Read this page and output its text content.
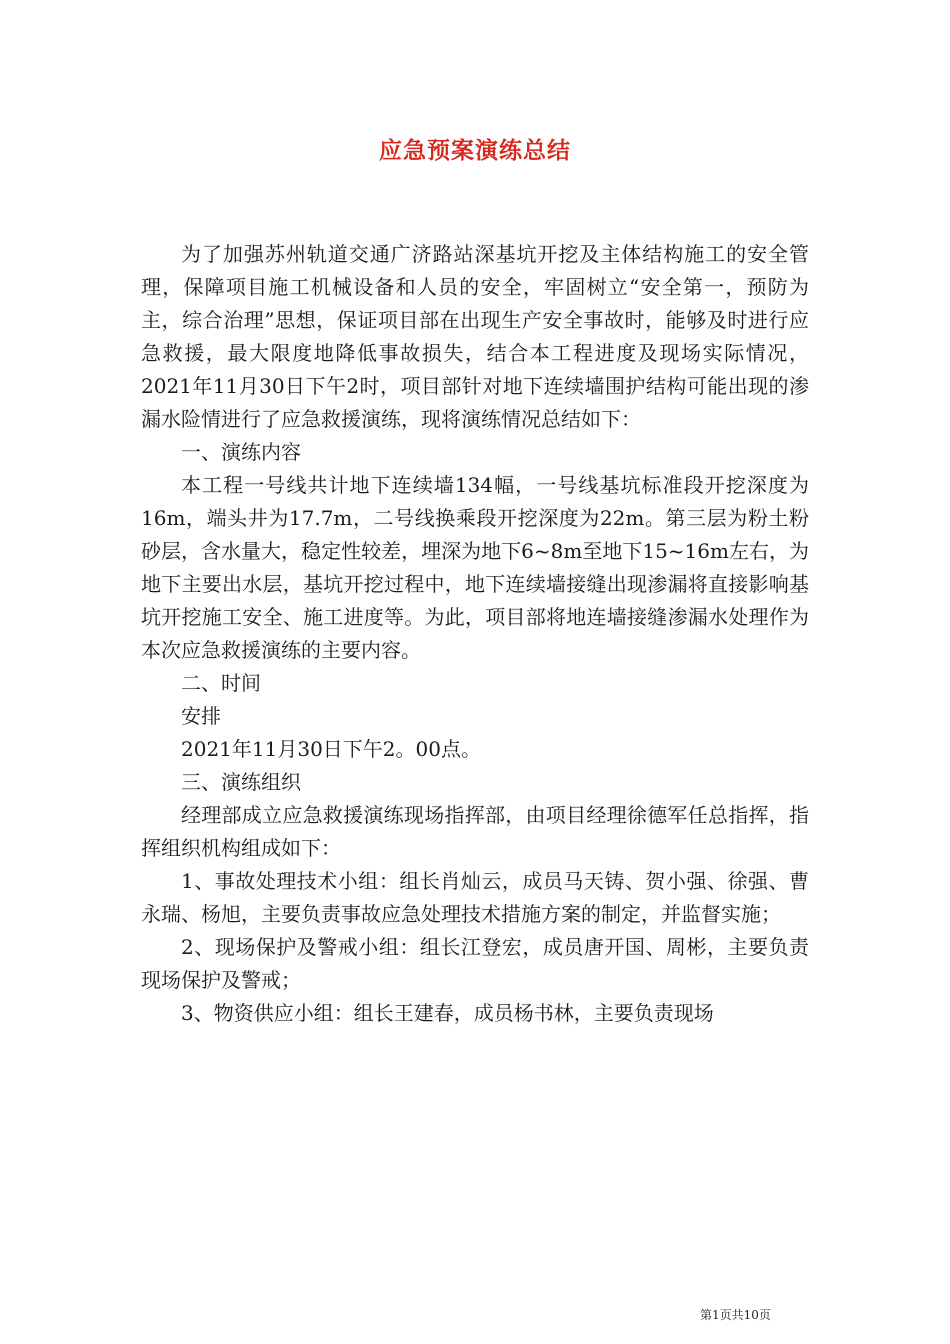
应急预案演练总结

为了加强苏州轨道交通广济路站深基坑开挖及主体结构施工的安全管理，保障项目施工机械设备和人员的安全，牢固树立“安全第一，预防为主，综合治理”思想，保证项目部在出现生产安全事故时，能够及时进行应急救援，最大限度地降低事故损失，结合本工程进度及现场实际情况，2021年11月30日下午2时，项目部针对地下连续墙围护结构可能出现的渗漏水险情进行了应急救援演练，现将演练情况总结如下：

一、演练内容

本工程一号线共计地下连续墙134幅，一号线基坑标准段开挖深度为16m，端头井为17.7m，二号线换乘段开挖深度为22m。第三层为粉土粉砂层，含水量大，稳定性较差，埋深为地下6~8m至地下15~16m左右，为地下主要出水层，基坑开挖过程中，地下连续墙接缝出现渗漏将直接影响基坑开挖施工安全、施工进度等。为此，项目部将地连墙接缝渗漏水处理作为本次应急救援演练的主要内容。

二、时间

安排

2021年11月30日下午2。00点。

三、演练组织

经理部成立应急救援演练现场指挥部，由项目经理徐德军任总指挥，指挥组织机构组成如下：

1、事故处理技术小组：组长肖灿云，成员马天铸、贺小强、徐强、曹永瑞、杨旭，主要负责事故应急处理技术措施方案的制定，并监督实施；

2、现场保护及警戒小组：组长江登宏，成员唐开国、周彬，主要负责现场保护及警戒；

3、物资供应小组：组长王建春，成员杨书林，主要负责现场

第1页共10页
